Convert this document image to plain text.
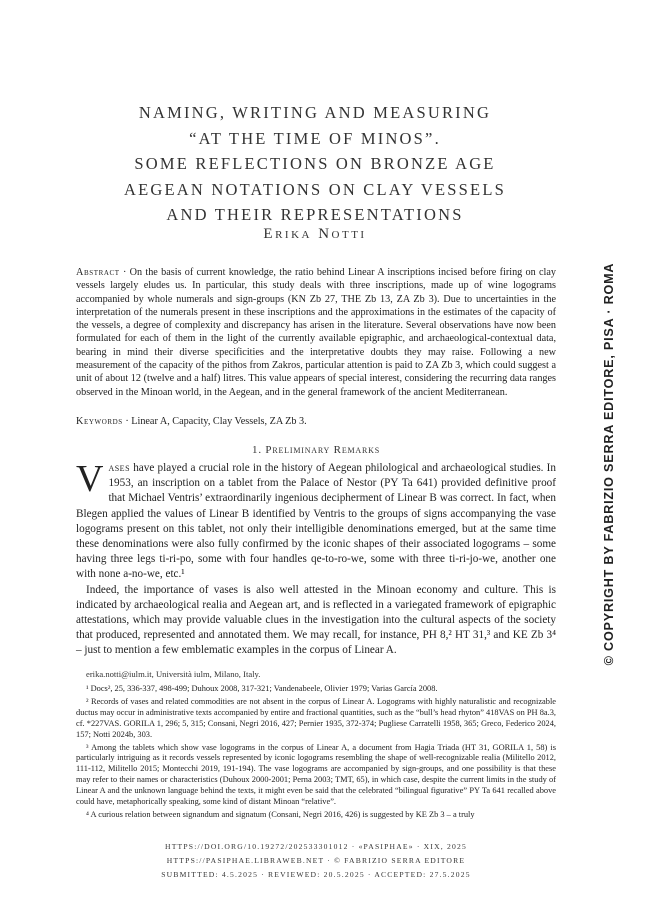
NAMING, WRITING AND MEASURING
“AT THE TIME OF MINOS”.
SOME REFLECTIONS ON BRONZE AGE
AEGEAN NOTATIONS ON CLAY VESSELS
AND THEIR REPRESENTATIONS
Erika Notti
Abstract · On the basis of current knowledge, the ratio behind Linear A inscriptions incised before firing on clay vessels largely eludes us. In particular, this study deals with three inscriptions, made up of wine logograms accompanied by whole numerals and sign-groups (KN Zb 27, THE Zb 13, ZA Zb 3). Due to uncertainties in the interpretation of the numerals present in these inscriptions and the approximations in the estimates of the capacity of the vessels, a degree of complexity and discrepancy has arisen in the literature. Several observations have now been formulated for each of them in the light of the currently available epigraphic, and archaeological-contextual data, bearing in mind their diverse specificities and the interpretative doubts they may raise. Following a new measurement of the capacity of the pithos from Zakros, particular attention is paid to ZA Zb 3, which could suggest a unit of about 12 (twelve and a half) litres. This value appears of special interest, considering the recurring data ranges observed in the Minoan world, in the Aegean, and in the general framework of the ancient Mediterranean.
Keywords · Linear A, Capacity, Clay Vessels, ZA Zb 3.
1. Preliminary Remarks

Vases have played a crucial role in the history of Aegean philological and archaeological studies. In 1953, an inscription on a tablet from the Palace of Nestor (PY Ta 641) provided definitive proof that Michael Ventris’ extraordinarily ingenious decipherment of Linear B was correct. In fact, when Blegen applied the values of Linear B identified by Ventris to the groups of signs accompanying the vase logograms present on this tablet, not only their intelligible denominations emerged, but at the same time these denominations were also fully confirmed by the iconic shapes of their associated logograms – some having three legs ti-ri-po, some with four handles qe-to-ro-we, some with three ti-ri-jo-we, another one with none a-no-we, etc.¹

Indeed, the importance of vases is also well attested in the Minoan economy and culture. This is indicated by archaeological realia and Aegean art, and is reflected in a variegated framework of epigraphic attestations, which may provide valuable clues in the investigation into the cultural aspects of the society that produced, represented and annotated them. We may recall, for instance, PH 8,² HT 31,³ and KE Zb 3⁴ – just to mention a few emblematic examples in the corpus of Linear A.

erika.notti@iulm.it, Università iulm, Milano, Italy.

¹ Docs², 25, 336-337, 498-499; Duhoux 2008, 317-321; Vandenabeele, Olivier 1979; Varias García 2008.

² Records of vases and related commodities are not absent in the corpus of Linear A. Logograms with highly naturalistic and recognizable ductus may occur in administrative texts accompanied by entire and fractional quantities, such as the “bull’s head rhyton” 418VAS on PH 8a.3, cf. *227VAS. GORILA 1, 296; 5, 315; Consani, Negri 2016, 427; Pernier 1935, 372-374; Pugliese Carratelli 1958, 365; Greco, Federico 2024, 157; Notti 2024b, 303.

³ Among the tablets which show vase logograms in the corpus of Linear A, a document from Hagia Triada (HT 31, GORILA 1, 58) is particularly intriguing as it records vessels represented by iconic logograms resembling the shape of well-recognizable realia (Militello 2012, 111-112, Militello 2015; Montecchi 2019, 191-194). The vase logograms are accompanied by sign-groups, and one possibility is that these may refer to their names or characteristics (Duhoux 2000-2001; Perna 2003; TMT, 65), in which case, despite the current limits in the study of Linear A and the unknown language behind the texts, it might even be said that the celebrated “bilingual figurative” PY Ta 641 recalled above could have, metaphorically speaking, some kind of distant Minoan “relative”.

⁴ A curious relation between signandum and signatum (Consani, Negri 2016, 426) is suggested by KE Zb 3 – a truly

HTTPS://DOI.ORG/10.19272/202533301012 · «PASIPHAE» · XIX, 2025
HTTPS://PASIPHAE.LIBRAWEB.NET · © FABRIZIO SERRA EDITORE
SUBMITTED: 4.5.2025 · REVIEWED: 20.5.2025 · ACCEPTED: 27.5.2025
© COPYRIGHT BY FABRIZIO SERRA EDITORE, PISA · ROMA
